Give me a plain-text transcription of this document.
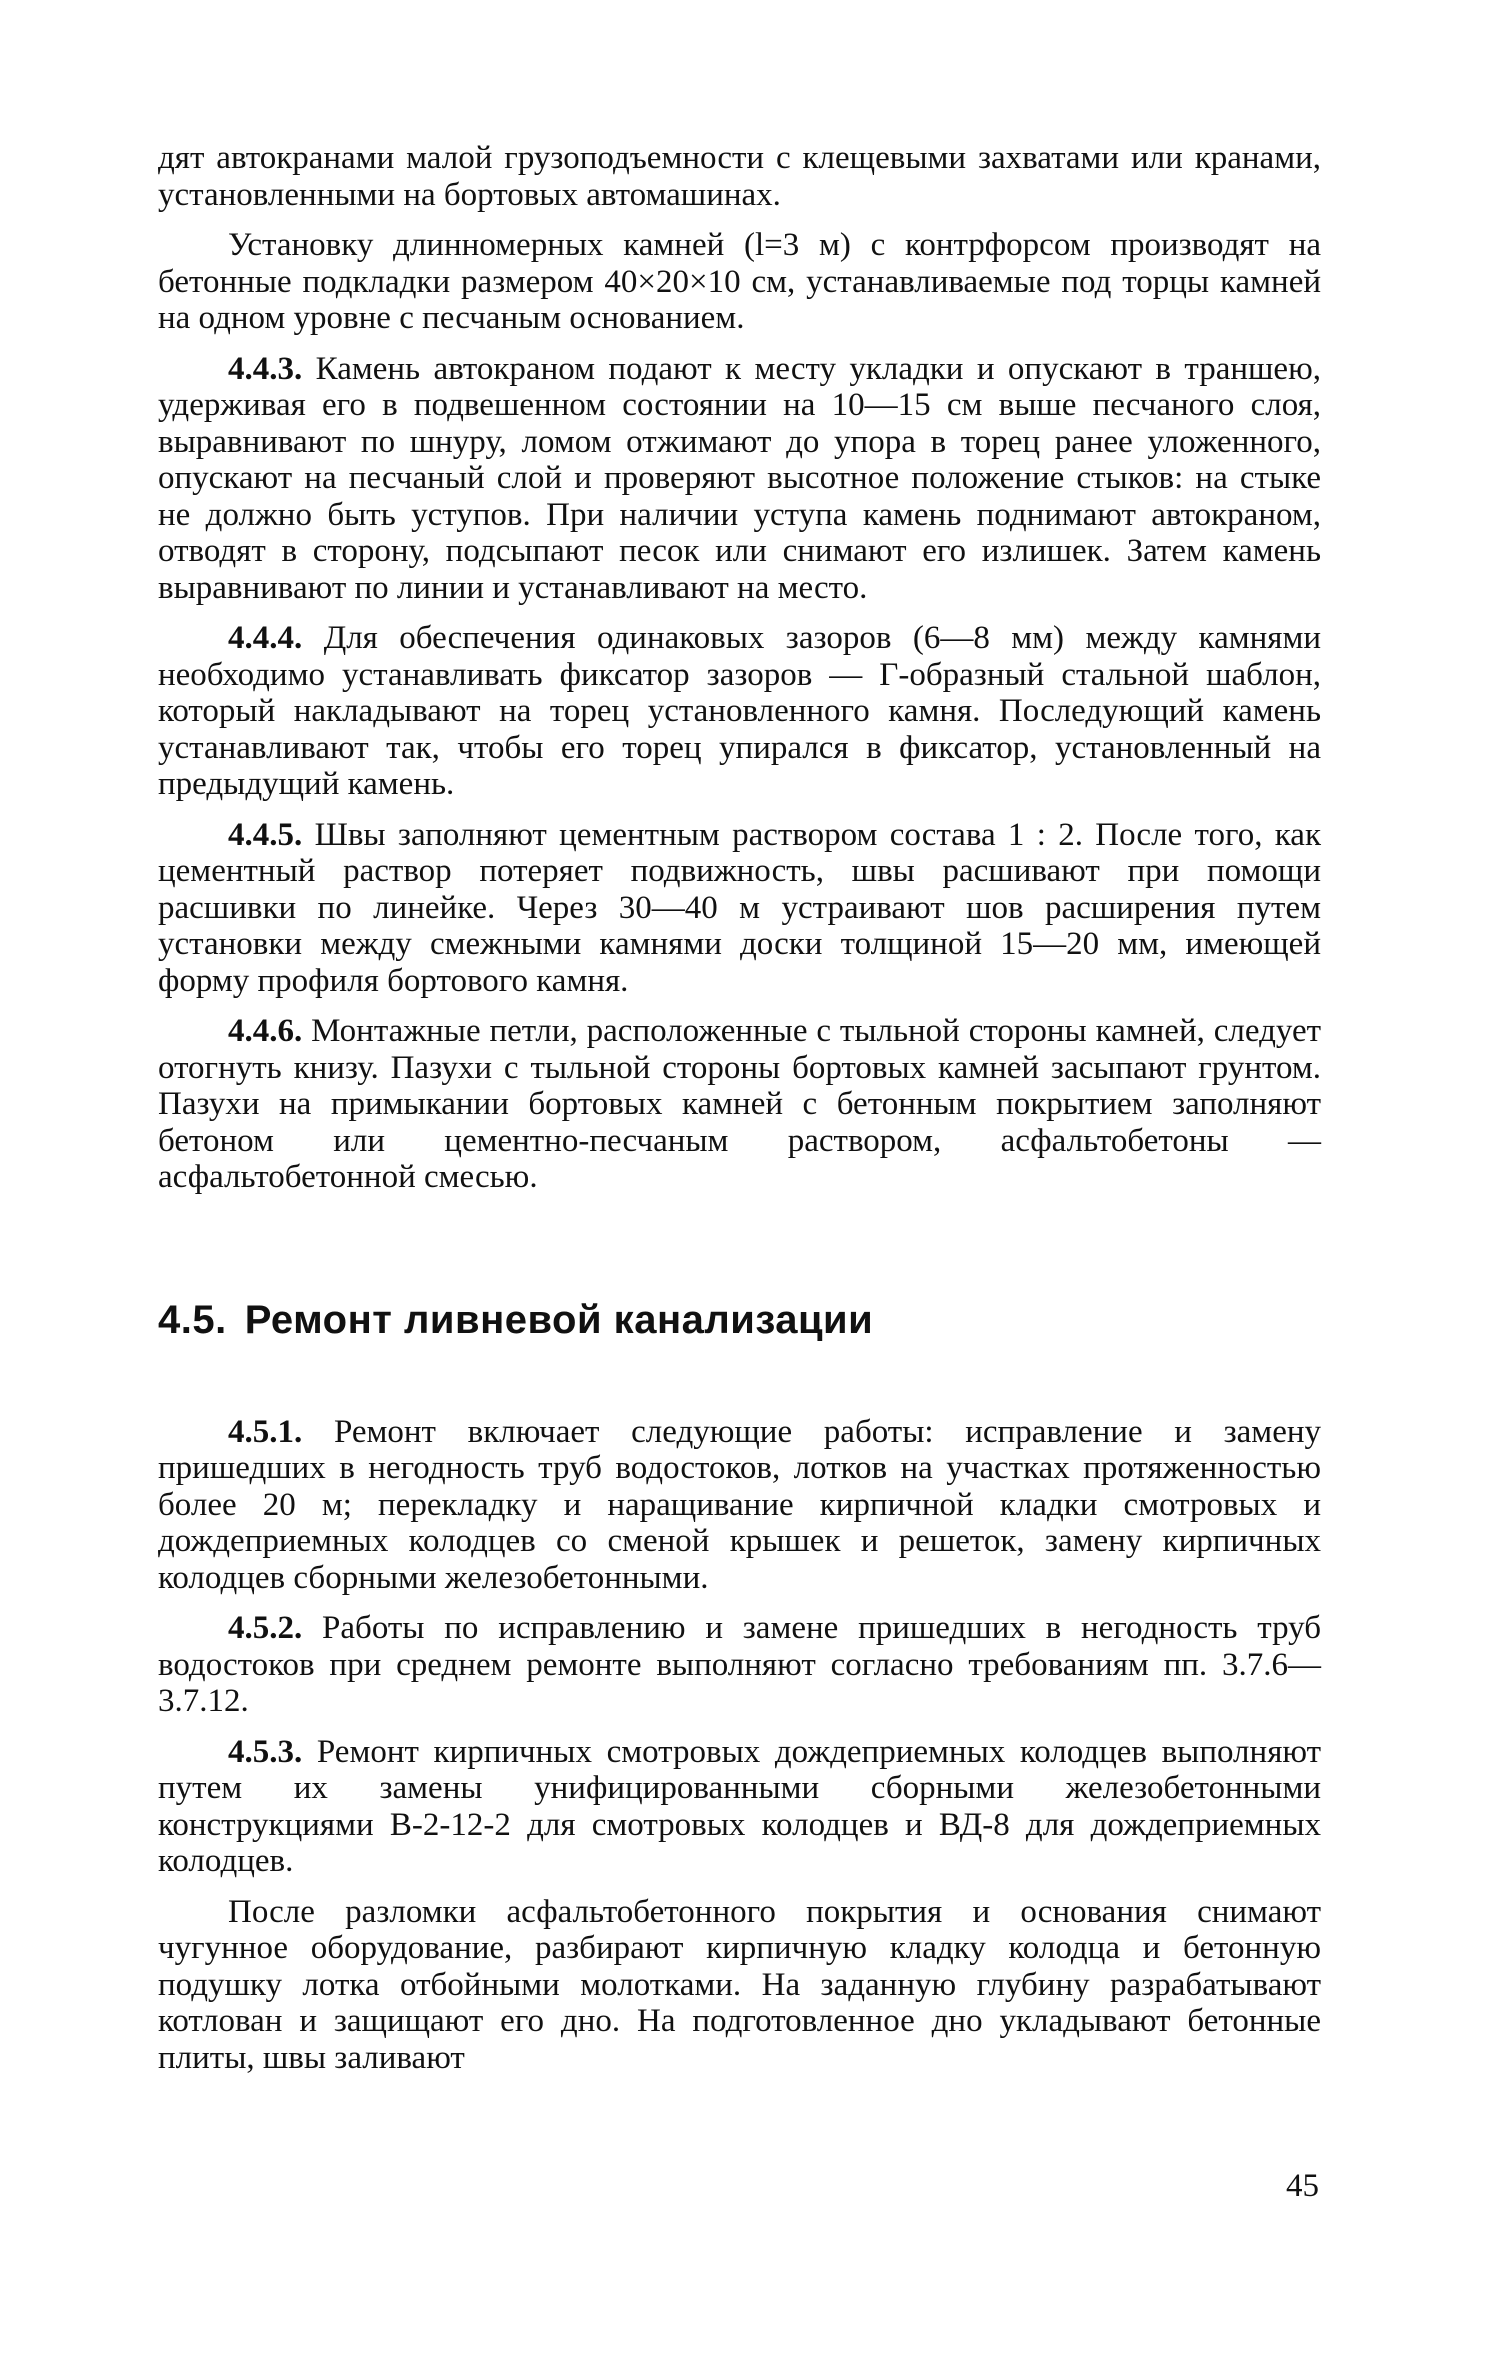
дят автокранами малой грузоподъемности с клещевыми захватами или кранами, установленными на бортовых автомашинах.

Установку длинномерных камней (l=3 м) с контрфорсом производят на бетонные подкладки размером 40×20×10 см, устанавливаемые под торцы камней на одном уровне с песчаным основанием.

4.4.3. Камень автокраном подают к месту укладки и опускают в траншею, удерживая его в подвешенном состоянии на 10—15 см выше песчаного слоя, выравнивают по шнуру, ломом отжимают до упора в торец ранее уложенного, опускают на песчаный слой и проверяют высотное положение стыков: на стыке не должно быть уступов. При наличии уступа камень поднимают автокраном, отводят в сторону, подсыпают песок или снимают его излишек. Затем камень выравнивают по линии и устанавливают на место.

4.4.4. Для обеспечения одинаковых зазоров (6—8 мм) между камнями необходимо устанавливать фиксатор зазоров — Г-образный стальной шаблон, который накладывают на торец установленного камня. Последующий камень устанавливают так, чтобы его торец упирался в фиксатор, установленный на предыдущий камень.

4.4.5. Швы заполняют цементным раствором состава 1 : 2. После того, как цементный раствор потеряет подвижность, швы расшивают при помощи расшивки по линейке. Через 30—40 м устраивают шов расширения путем установки между смежными камнями доски толщиной 15—20 мм, имеющей форму профиля бортового камня.

4.4.6. Монтажные петли, расположенные с тыльной стороны камней, следует отогнуть книзу. Пазухи с тыльной стороны бортовых камней засыпают грунтом. Пазухи на примыкании бортовых камней с бетонным покрытием заполняют бетоном или цементно-песчаным раствором, асфальтобетоны — асфальтобетонной смесью.

4.5. Ремонт ливневой канализации

4.5.1. Ремонт включает следующие работы: исправление и замену пришедших в негодность труб водостоков, лотков на участках протяженностью более 20 м; перекладку и наращивание кирпичной кладки смотровых и дождеприемных колодцев со сменой крышек и решеток, замену кирпичных колодцев сборными железобетонными.

4.5.2. Работы по исправлению и замене пришедших в негодность труб водостоков при среднем ремонте выполняют согласно требованиям пп. 3.7.6—3.7.12.

4.5.3. Ремонт кирпичных смотровых дождеприемных колодцев выполняют путем их замены унифицированными сборными железобетонными конструкциями В-2-12-2 для смотровых колодцев и ВД-8 для дождеприемных колодцев.

После разломки асфальтобетонного покрытия и основания снимают чугунное оборудование, разбирают кирпичную кладку колодца и бетонную подушку лотка отбойными молотками. На заданную глубину разрабатывают котлован и защищают его дно. На подготовленное дно укладывают бетонные плиты, швы заливают

45
